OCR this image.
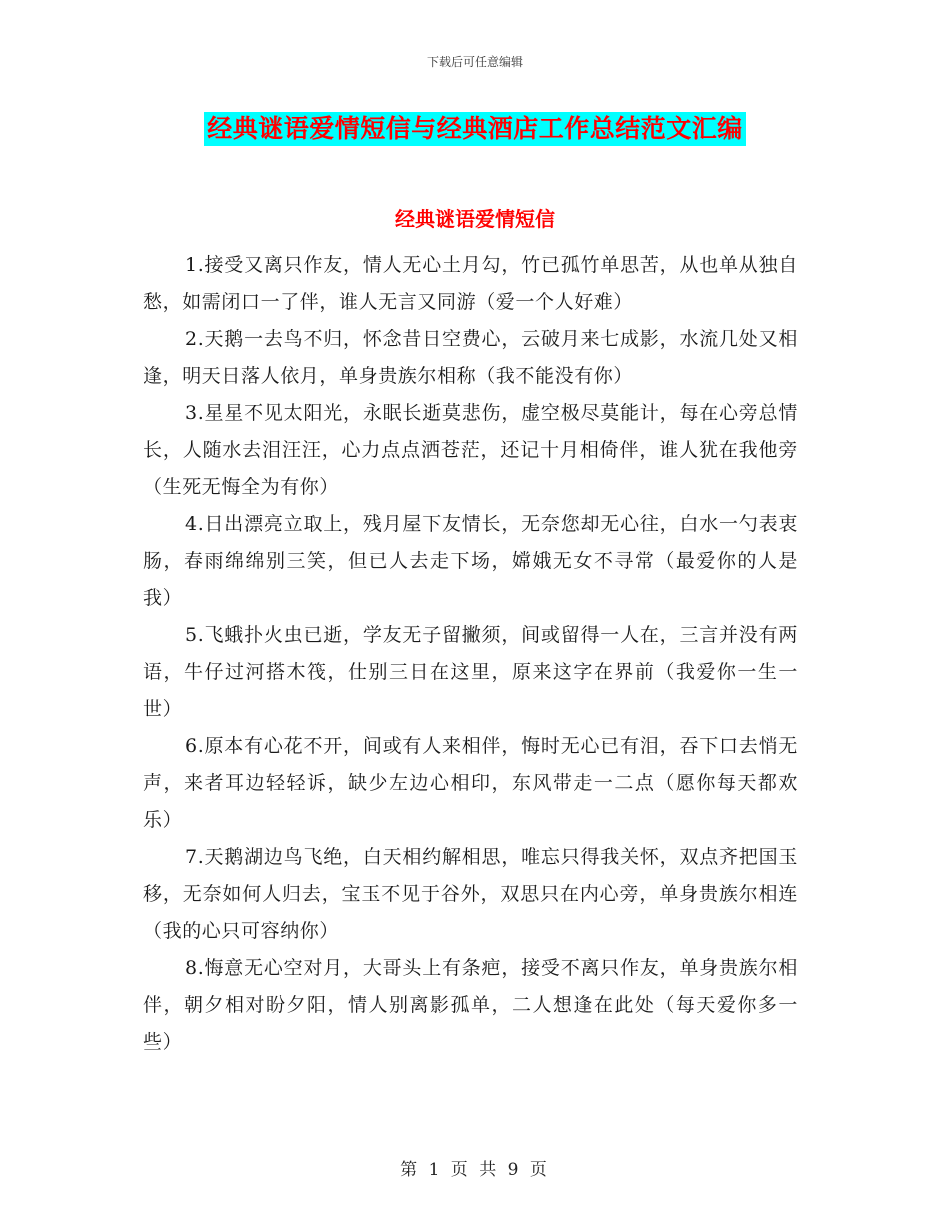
下载后可任意编辑
经典谜语爱情短信与经典酒店工作总结范文汇编
经典谜语爱情短信

1.接受又离只作友，情人无心土月勾，竹已孤竹单思苦，从也单从独自愁，如需闭口一了伴，谁人无言又同游（爱一个人好难）

2.天鹅一去鸟不归，怀念昔日空费心，云破月来七成影，水流几处又相逢，明天日落人依月，单身贵族尔相称（我不能没有你）

3.星星不见太阳光，永眠长逝莫悲伤，虚空极尽莫能计，每在心旁总情长，人随水去泪汪汪，心力点点洒苍茫，还记十月相倚伴，谁人犹在我他旁（生死无悔全为有你）

4.日出漂亮立取上，残月屋下友情长，无奈您却无心往，白水一勺表衷肠，春雨绵绵别三笑，但已人去走下场，嫦娥无女不寻常（最爱你的人是我）

5.飞蛾扑火虫已逝，学友无子留撇须，间或留得一人在，三言并没有两语，牛仔过河搭木筏，仕别三日在这里，原来这字在界前（我爱你一生一世）

6.原本有心花不开，间或有人来相伴，悔时无心已有泪，吞下口去悄无声，来者耳边轻轻诉，缺少左边心相印，东风带走一二点（愿你每天都欢乐）

7.天鹅湖边鸟飞绝，白天相约解相思，唯忘只得我关怀，双点齐把国玉移，无奈如何人归去，宝玉不见于谷外，双思只在内心旁，单身贵族尔相连（我的心只可容纳你）

8.悔意无心空对月，大哥头上有条疤，接受不离只作友，单身贵族尔相伴，朝夕相对盼夕阳，情人别离影孤单，二人想逢在此处（每天爱你多一些）

第 1 页 共 9 页
